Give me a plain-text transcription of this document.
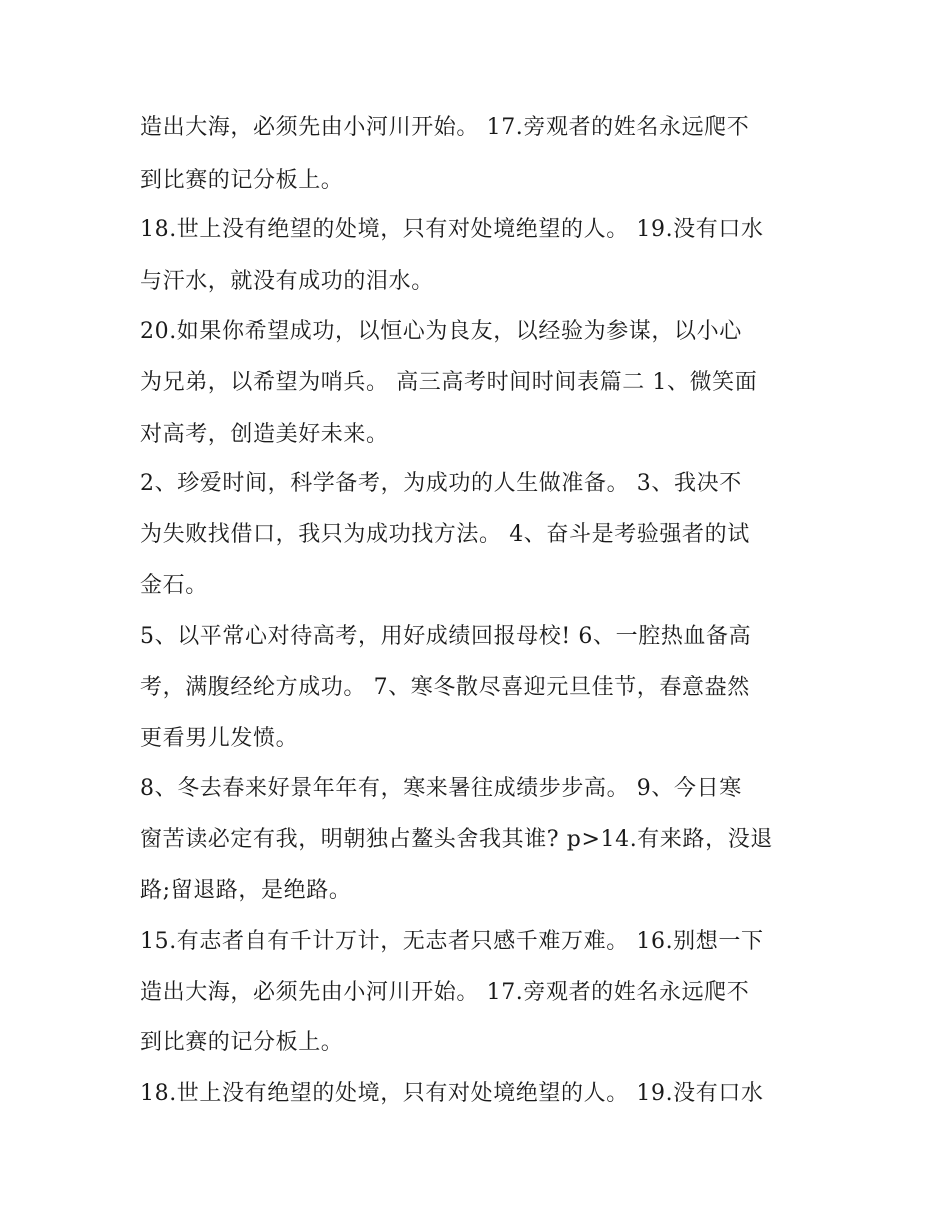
造出大海，必须先由小河川开始。 17.旁观者的姓名永远爬不
到比赛的记分板上。
18.世上没有绝望的处境，只有对处境绝望的人。 19.没有口水
与汗水，就没有成功的泪水。
20.如果你希望成功，以恒心为良友，以经验为参谋，以小心
为兄弟，以希望为哨兵。 高三高考时间时间表篇二 1、微笑面
对高考，创造美好未来。
2、珍爱时间，科学备考，为成功的人生做准备。 3、我决不
为失败找借口，我只为成功找方法。 4、奋斗是考验强者的试
金石。
5、以平常心对待高考，用好成绩回报母校! 6、一腔热血备高
考，满腹经纶方成功。 7、寒冬散尽喜迎元旦佳节，春意盎然
更看男儿发愤。
8、冬去春来好景年年有，寒来暑往成绩步步高。 9、今日寒
窗苦读必定有我，明朝独占鳌头舍我其谁? p>14.有来路，没退
路;留退路，是绝路。
15.有志者自有千计万计，无志者只感千难万难。 16.别想一下
造出大海，必须先由小河川开始。 17.旁观者的姓名永远爬不
到比赛的记分板上。
18.世上没有绝望的处境，只有对处境绝望的人。 19.没有口水
